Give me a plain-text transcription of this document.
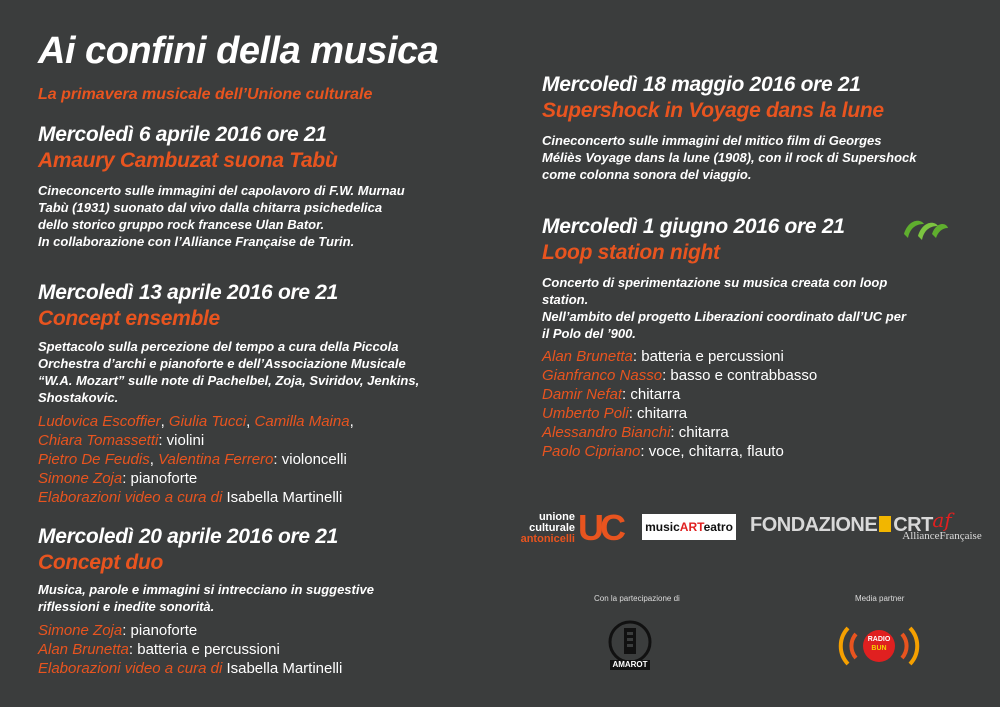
Ai confini della musica
La primavera musicale dell’Unione culturale
Mercoledì 6 aprile 2016 ore 21
Amaury Cambuzat suona Tabù
Cineconcerto sulle immagini del capolavoro di F.W. Murnau
Tabù (1931) suonato dal vivo dalla chitarra psichedelica
dello storico gruppo rock francese Ulan Bator.
In collaborazione con l’Alliance Française de Turin.
Mercoledì 13 aprile 2016 ore 21
Concept ensemble
Spettacolo sulla percezione del tempo a cura della Piccola
Orchestra d’archi e pianoforte e dell’Associazione Musicale
“W.A. Mozart” sulle note di Pachelbel, Zoja, Sviridov, Jenkins,
Shostakovic.
Ludovica Escoffier, Giulia Tucci, Camilla Maina,
Chiara Tomassetti: violini
Pietro De Feudis, Valentina Ferrero: violoncelli
Simone Zoja: pianoforte
Elaborazioni video a cura di Isabella Martinelli
Mercoledì 20 aprile 2016 ore 21
Concept duo
Musica, parole e immagini si intrecciano in suggestive
riflessioni e inedite sonorità.
Simone Zoja: pianoforte
Alan Brunetta: batteria e percussioni
Elaborazioni video a cura di Isabella Martinelli
Mercoledì 18 maggio 2016 ore 21
Supershock in Voyage dans la lune
Cineconcerto sulle immagini del mitico film di Georges
Méliès Voyage dans la lune (1908), con il rock di Supershock
come colonna sonora del viaggio.
Mercoledì 1 giugno 2016 ore 21
Loop station night
Concerto di sperimentazione su musica creata con loop
station.
Nell’ambito del progetto Liberazioni coordinato dall’UC per
il Polo del ’900.
Alan Brunetta: batteria e percussioni
Gianfranco Nasso: basso e contrabbasso
Damir Nefat: chitarra
Umberto Poli: chitarra
Alessandro Bianchi: chitarra
Paolo Cipriano: voce, chitarra, flauto
unione
culturale
antonicelli UC musicARTeatro FONDAZIONE CRT af
AllianceFrançaise
Con la partecipazione di	Media partner
AMAROT
RADIO
BUN
